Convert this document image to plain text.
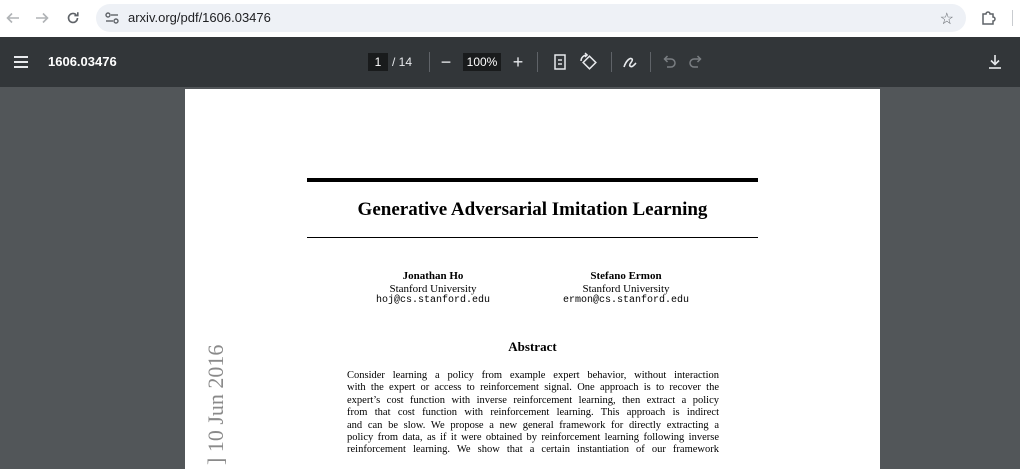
arxiv.org/pdf/1606.03476	☆
1606.03476	1 / 14	−	100% +
Generative Adversarial Imitation Learning
Jonathan Ho
Stanford University
hoj@cs.stanford.edu
Stefano Ermon
Stanford University
ermon@cs.stanford.edu
Abstract
Consider learning a policy from example expert behavior, without interaction
with the expert or access to reinforcement signal. One approach is to recover the
expert’s cost function with inverse reinforcement learning, then extract a policy
from that cost function with reinforcement learning. This approach is indirect
and can be slow. We propose a new general framework for directly extracting a
policy from data, as if it were obtained by reinforcement learning following inverse
reinforcement learning. We show that a certain instantiation of our framework
] 10 Jun 2016
